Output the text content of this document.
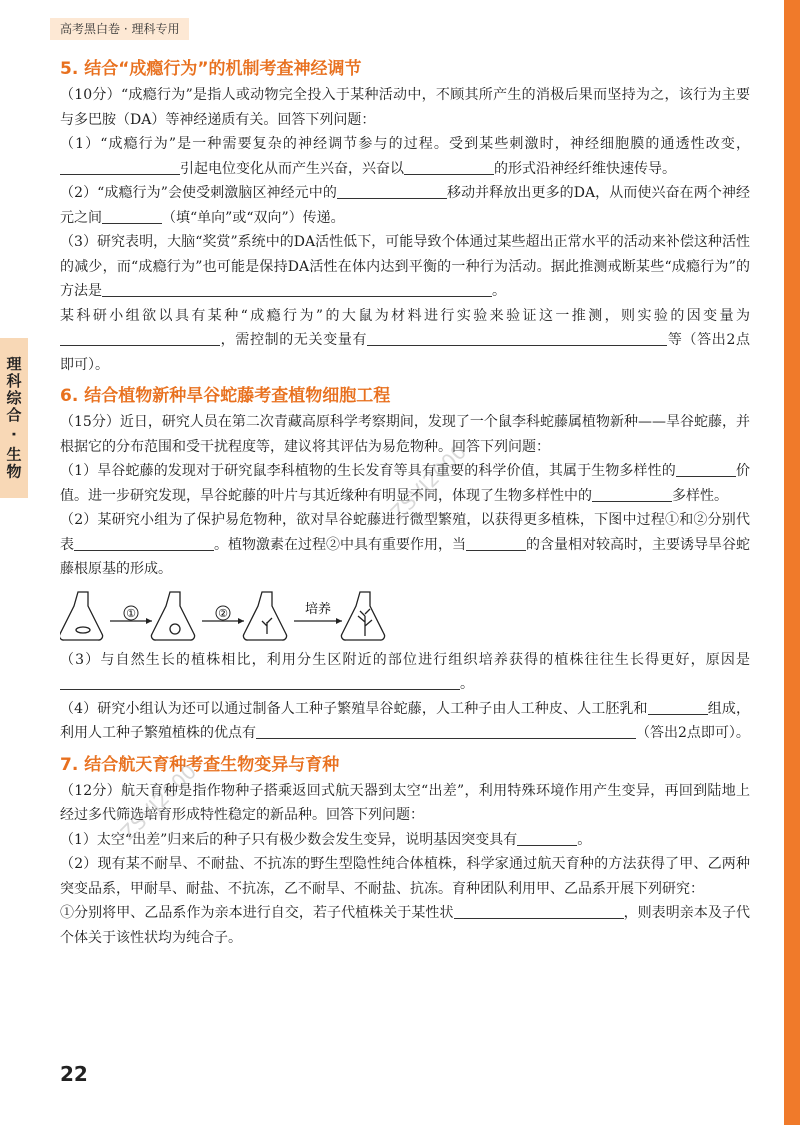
高考黑白卷 · 理科专用
理科综合 · 生物
5. 结合“成瘾行为”的机制考查神经调节

（10分）“成瘾行为”是指人或动物完全投入于某种活动中，不顾其所产生的消极后果而坚持为之，该行为主要与多巴胺（DA）等神经递质有关。回答下列问题：

（1）“成瘾行为”是一种需要复杂的神经调节参与的过程。受到某些刺激时，神经细胞膜的通透性改变，引起电位变化从而产生兴奋，兴奋以	的形式沿神经纤维快速传导。

（2）“成瘾行为”会使受刺激脑区神经元中的	移动并释放出更多的DA，从而使兴奋在两个神经元之间	（填“单向”或“双向”）传递。

（3）研究表明，大脑“奖赏”系统中的DA活性低下，可能导致个体通过某些超出正常水平的活动来补偿这种活性的减少，而“成瘾行为”也可能是保持DA活性在体内达到平衡的一种行为活动。据此推测戒断某些“成瘾行为”的方法是	。

某科研小组欲以具有某种“成瘾行为”的大鼠为材料进行实验来验证这一推测，则实验的因变量为，需控制的无关变量有	等（答出2点即可）。

6. 结合植物新种旱谷蛇藤考查植物细胞工程

（15分）近日，研究人员在第二次青藏高原科学考察期间，发现了一个鼠李科蛇藤属植物新种——旱谷蛇藤，并根据它的分布范围和受干扰程度等，建议将其评估为易危物种。回答下列问题：

（1）旱谷蛇藤的发现对于研究鼠李科植物的生长发育等具有重要的科学价值，其属于生物多样性的	价值。进一步研究发现，旱谷蛇藤的叶片与其近缘种有明显不同，体现了生物多样性中的	多样性。

（2）某研究小组为了保护易危物种，欲对旱谷蛇藤进行微型繁殖，以获得更多植株，下图中过程①和②分别代表	。植物激素在过程②中具有重要作用，当	的含量相对较高时，主要诱导旱谷蛇藤根原基的形成。

①	②	培养

（3）与自然生长的植株相比，利用分生区附近的部位进行组织培养获得的植株往往生长得更好，原因是。

（4）研究小组认为还可以通过制备人工种子繁殖旱谷蛇藤，人工种子由人工种皮、人工胚乳和	组成，利用人工种子繁殖植株的优点有	（答出2点即可）。

7. 结合航天育种考查生物变异与育种

（12分）航天育种是指作物种子搭乘返回式航天器到太空“出差”，利用特殊环境作用产生变异，再回到陆地上经过多代筛选培育形成特性稳定的新品种。回答下列问题：

（1）太空“出差”归来后的种子只有极少数会发生变异，说明基因突变具有	。

（2）现有某不耐旱、不耐盐、不抗冻的野生型隐性纯合体植株，科学家通过航天育种的方法获得了甲、乙两种突变品系，甲耐旱、耐盐、不抗冻，乙不耐旱、不耐盐、抗冻。育种团队利用甲、乙品系开展下列研究：

①分别将甲、乙品系作为亲本进行自交，若子代植株关于某性状	，则表明亲本及子代个体关于该性状均为纯合子。

ZSVJ2000
ZSVJ2000
22
